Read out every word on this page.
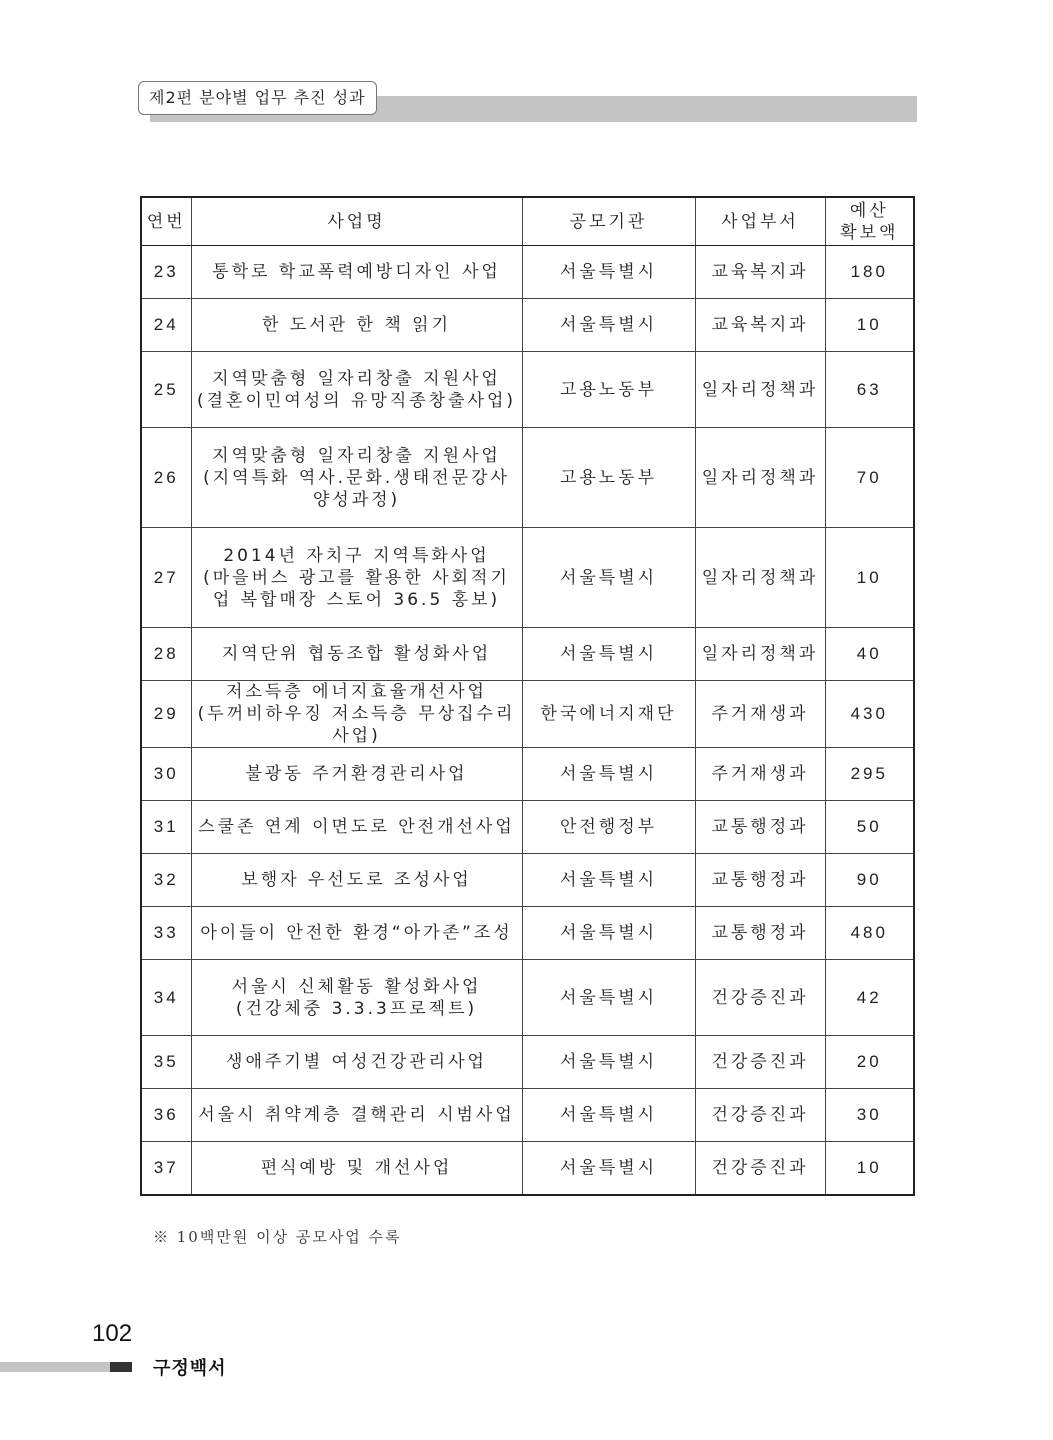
제2편 분야별 업무 추진 성과
연번	사업명	공모기관	사업부서	예산
확보액
23	통학로 학교폭력예방디자인 사업	서울특별시	교육복지과	180
24	한 도서관 한 책 읽기	서울특별시	교육복지과	10
25	지역맞춤형 일자리창출 지원사업
(결혼이민여성의 유망직종창출사업)	고용노동부	일자리정책과	63
26	지역맞춤형 일자리창출 지원사업
(지역특화 역사.문화.생태전문강사
양성과정)	고용노동부	일자리정책과	70
27	2014년 자치구 지역특화사업
(마을버스 광고를 활용한 사회적기
업 복합매장 스토어 36.5 홍보)	서울특별시	일자리정책과	10
28	지역단위 협동조합 활성화사업	서울특별시	일자리정책과	40
29	저소득층 에너지효율개선사업
(두꺼비하우징 저소득층 무상집수리사업)	한국에너지재단	주거재생과	430
30	불광동 주거환경관리사업	서울특별시	주거재생과	295
31	스쿨존 연계 이면도로 안전개선사업	안전행정부	교통행정과	50
32	보행자 우선도로 조성사업	서울특별시	교통행정과	90
33	아이들이 안전한 환경“아가존”조성	서울특별시	교통행정과	480
34	서울시 신체활동 활성화사업
(건강체중 3.3.3프로젝트)	서울특별시	건강증진과	42
35	생애주기별 여성건강관리사업	서울특별시	건강증진과	20
36	서울시 취약계층 결핵관리 시범사업	서울특별시	건강증진과	30
37	편식예방 및 개선사업	서울특별시	건강증진과	10
※ 10백만원 이상 공모사업 수록
102
구정백서
